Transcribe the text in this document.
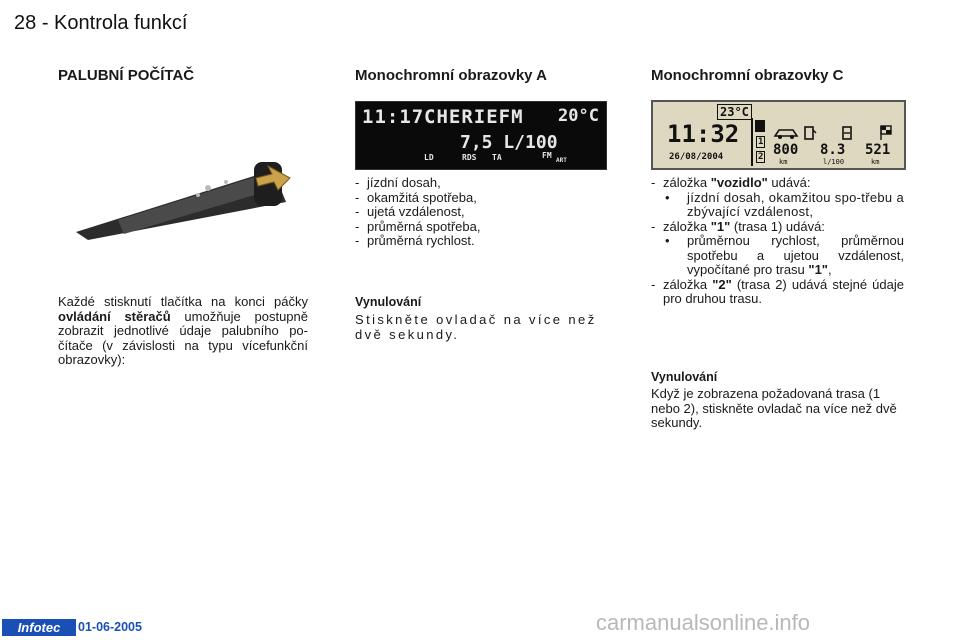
28 - Kontrola funkcí
PALUBNÍ POČÍTAČ
Každé stisknutí tlačítka na konci páčky ovládání stěračů umožňuje postupně zobrazit jednotlivé údaje palubního po-čítače (v závislosti na typu vícefunkční obrazovky):
Monochromní obrazovky A
11:17 CHERIEFM 20°C
7,5 L/100
LD	RDS TA	FM
ART
- jízdní dosah,
- okamžitá spotřeba,
- ujetá vzdálenost,
- průměrná spotřeba,
- průměrná rychlost.
Vynulování
Stiskněte ovladač na více než dvě sekundy.
Monochromní obrazovky C
23°C
11:32
26/08/2004
1
2 800 8.3 521
km	l/100	km
- záložka "vozidlo" udává:
• jízdní dosah, okamžitou spo-třebu a zbývající vzdálenost,
- záložka "1" (trasa 1) udává:
• průměrnou rychlost, průměrnou spotřebu a ujetou vzdálenost, vypočítané pro trasu "1",
- záložka "2" (trasa 2) udává stejné údaje pro druhou trasu.
Vynulování
Když je zobrazena požadovaná trasa (1 nebo 2), stiskněte ovladač na více než dvě sekundy.
Infotec	01-06-2005	carmanualsonline.info
